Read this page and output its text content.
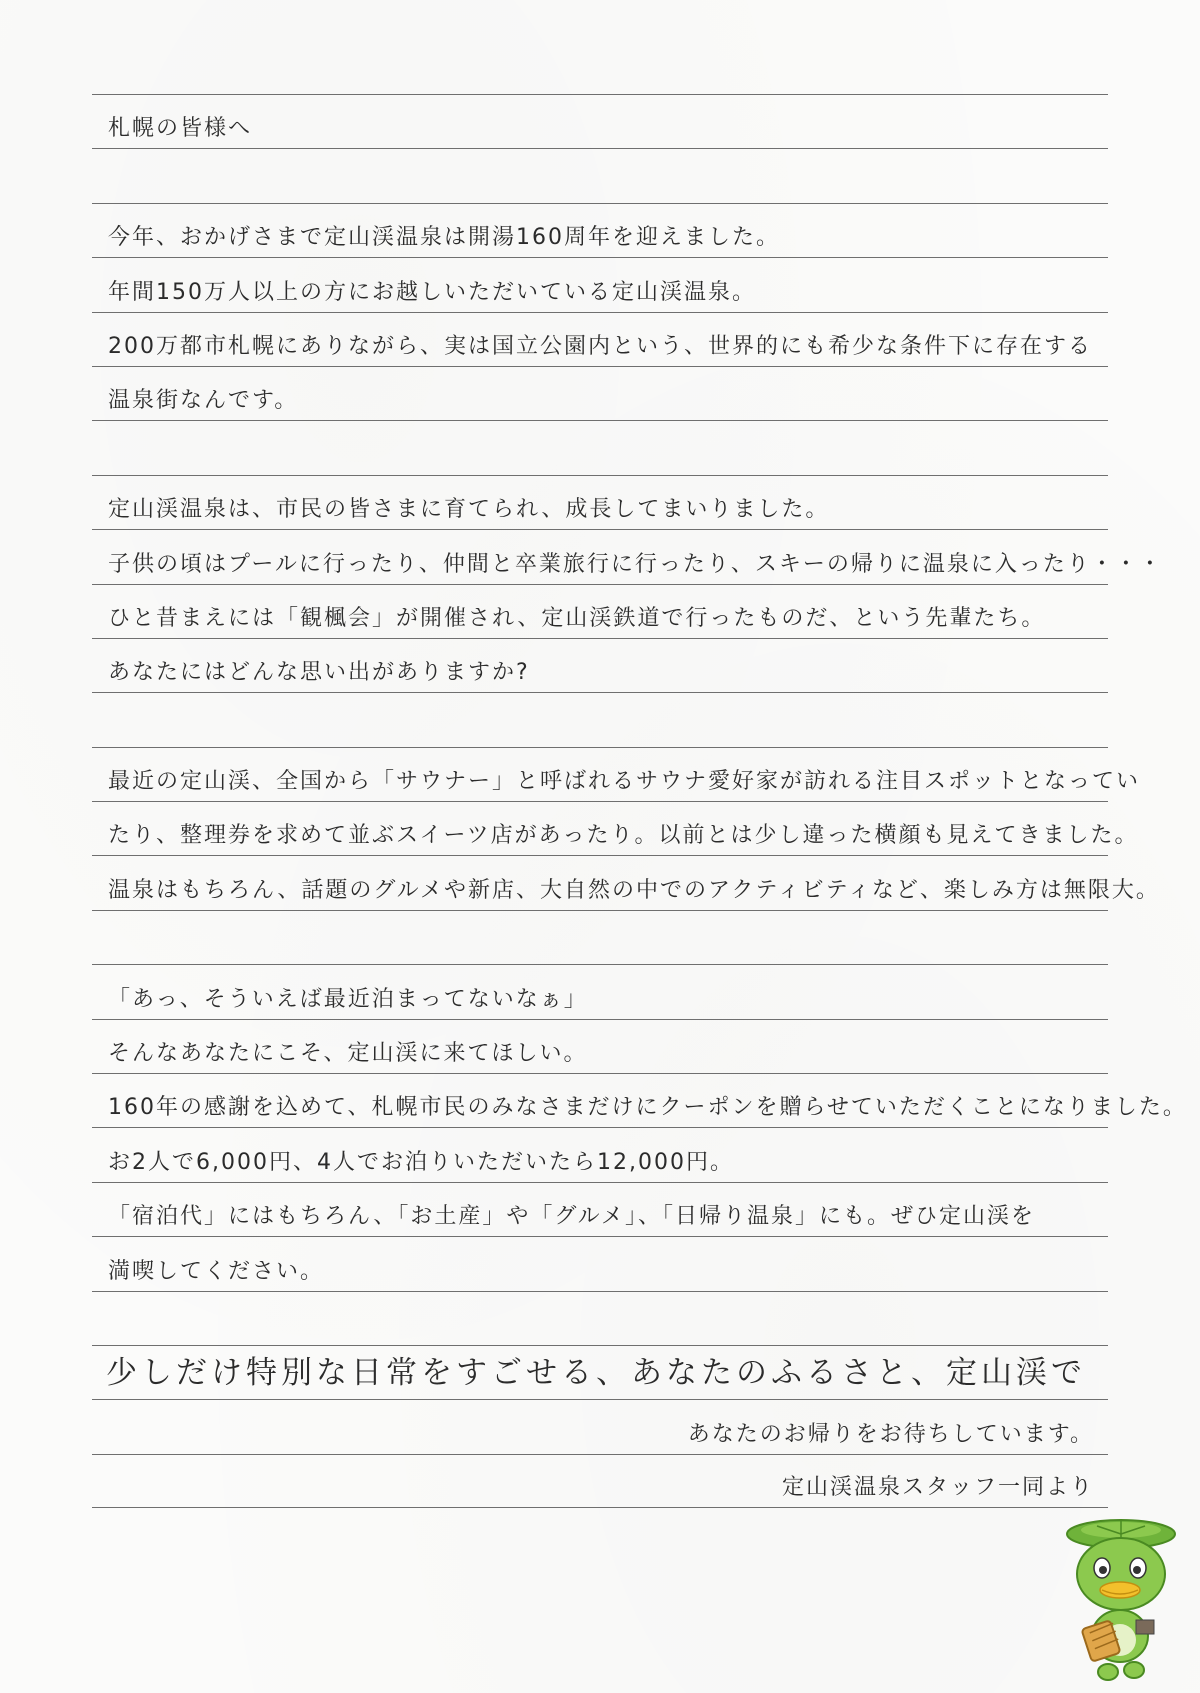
札幌の皆様へ
今年、おかげさまで定山渓温泉は開湯160周年を迎えました。
年間150万人以上の方にお越しいただいている定山渓温泉。
200万都市札幌にありながら、実は国立公園内という、世界的にも希少な条件下に存在する
温泉街なんです。
定山渓温泉は、市民の皆さまに育てられ、成長してまいりました。
子供の頃はプールに行ったり、仲間と卒業旅行に行ったり、スキーの帰りに温泉に入ったり・・・
ひと昔まえには「観楓会」が開催され、定山渓鉄道で行ったものだ、という先輩たち。
あなたにはどんな思い出がありますか?
最近の定山渓、全国から「サウナー」と呼ばれるサウナ愛好家が訪れる注目スポットとなってい
たり、整理券を求めて並ぶスイーツ店があったり。以前とは少し違った横顔も見えてきました。
温泉はもちろん、話題のグルメや新店、大自然の中でのアクティビティなど、楽しみ方は無限大。
「あっ、そういえば最近泊まってないなぁ」
そんなあなたにこそ、定山渓に来てほしい。
160年の感謝を込めて、札幌市民のみなさまだけにクーポンを贈らせていただくことになりました。
お2人で6,000円、4人でお泊りいただいたら12,000円。
「宿泊代」にはもちろん、「お土産」や「グルメ」、「日帰り温泉」にも。ぜひ定山渓を
満喫してください。
少しだけ特別な日常をすごせる、あなたのふるさと、定山渓で
あなたのお帰りをお待ちしています。
定山渓温泉スタッフ一同より
